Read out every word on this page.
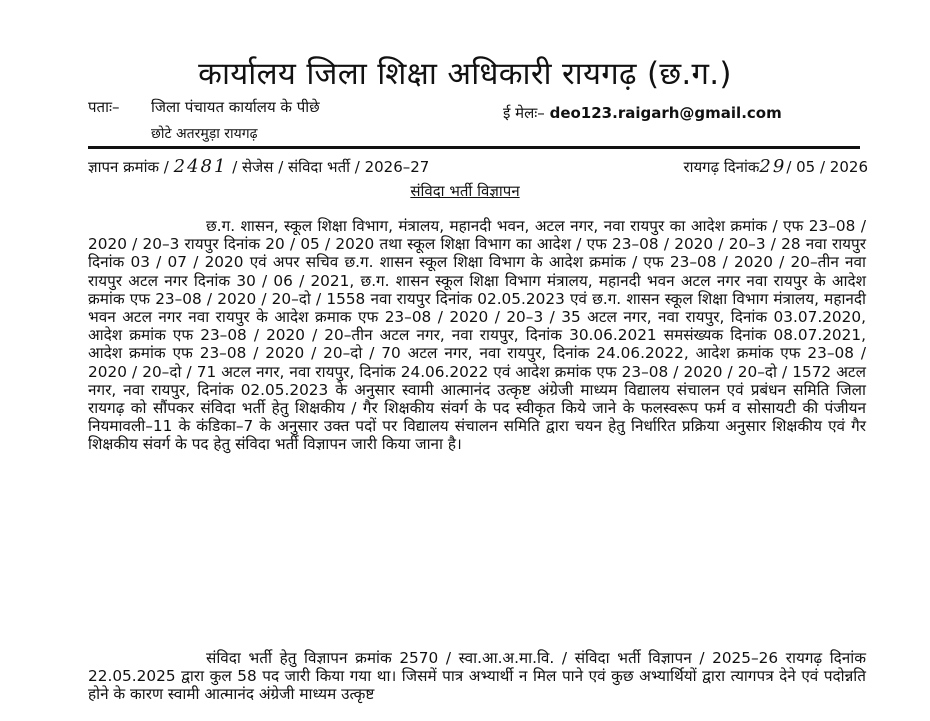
कार्यालय जिला शिक्षा अधिकारी रायगढ़ (छ.ग.)
पताः– जिला पंचायत कार्यालय के पीछे
छोटे अतरमुड़ा रायगढ़
ई मेलः– deo123.raigarh@gmail.com
ज्ञापन क्रमांक / 2481 / सेजेस / संविदा भर्ती / 2026–27	रायगढ़ दिनांक29/ 05 / 2026
संविदा भर्ती विज्ञापन
छ.ग. शासन, स्कूल शिक्षा विभाग, मंत्रालय, महानदी भवन, अटल नगर, नवा रायपुर का आदेश क्रमांक / एफ 23–08 / 2020 / 20–3 रायपुर दिनांक 20 / 05 / 2020 तथा स्कूल शिक्षा विभाग का आदेश / एफ 23–08 / 2020 / 20–3 / 28 नवा रायपुर दिनांक 03 / 07 / 2020 एवं अपर सचिव छ.ग. शासन स्कूल शिक्षा विभाग के आदेश क्रमांक / एफ 23–08 / 2020 / 20–तीन नवा रायपुर अटल नगर दिनांक 30 / 06 / 2021, छ.ग. शासन स्कूल शिक्षा विभाग मंत्रालय, महानदी भवन अटल नगर नवा रायपुर के आदेश क्रमांक एफ 23–08 / 2020 / 20–दो / 1558 नवा रायपुर दिनांक 02.05.2023 एवं छ.ग. शासन स्कूल शिक्षा विभाग मंत्रालय, महानदी भवन अटल नगर नवा रायपुर के आदेश क्रमाक एफ 23–08 / 2020 / 20–3 / 35 अटल नगर, नवा रायपुर, दिनांक 03.07.2020, आदेश क्रमांक एफ 23–08 / 2020 / 20–तीन अटल नगर, नवा रायपुर, दिनांक 30.06.2021 समसंख्यक दिनांक 08.07.2021, आदेश क्रमांक एफ 23–08 / 2020 / 20–दो / 70 अटल नगर, नवा रायपुर, दिनांक 24.06.2022, आदेश क्रमांक एफ 23–08 / 2020 / 20–दो / 71 अटल नगर, नवा रायपुर, दिनांक 24.06.2022 एवं आदेश क्रमांक एफ 23–08 / 2020 / 20–दो / 1572 अटल नगर, नवा रायपुर, दिनांक 02.05.2023 के अनुसार स्वामी आत्मानंद उत्कृष्ट अंग्रेजी माध्यम विद्यालय संचालन एवं प्रबंधन समिति जिला रायगढ़ को सौंपकर संविदा भर्ती हेतु शिक्षकीय / गैर शिक्षकीय संवर्ग के पद स्वीकृत किये जाने के फलस्वरूप फर्म व सोसायटी की पंजीयन नियमावली–11 के कंडिका–7 के अनुसार उक्त पदों पर विद्यालय संचालन समिति द्वारा चयन हेतु निर्धारित प्रक्रिया अनुसार शिक्षकीय एवं गैर शिक्षकीय संवर्ग के पद हेतु संविदा भर्ती विज्ञापन जारी किया जाना है।
संविदा भर्ती हेतु विज्ञापन क्रमांक 2570 / स्वा.आ.अ.मा.वि. / संविदा भर्ती विज्ञापन / 2025–26 रायगढ़ दिनांक 22.05.2025 द्वारा कुल 58 पद जारी किया गया था। जिसमें पात्र अभ्यार्थी न मिल पाने एवं कुछ अभ्यार्थियों द्वारा त्यागपत्र देने एवं पदोन्नति होने के कारण स्वामी आत्मानंद अंग्रेजी माध्यम उत्कृष्ट
